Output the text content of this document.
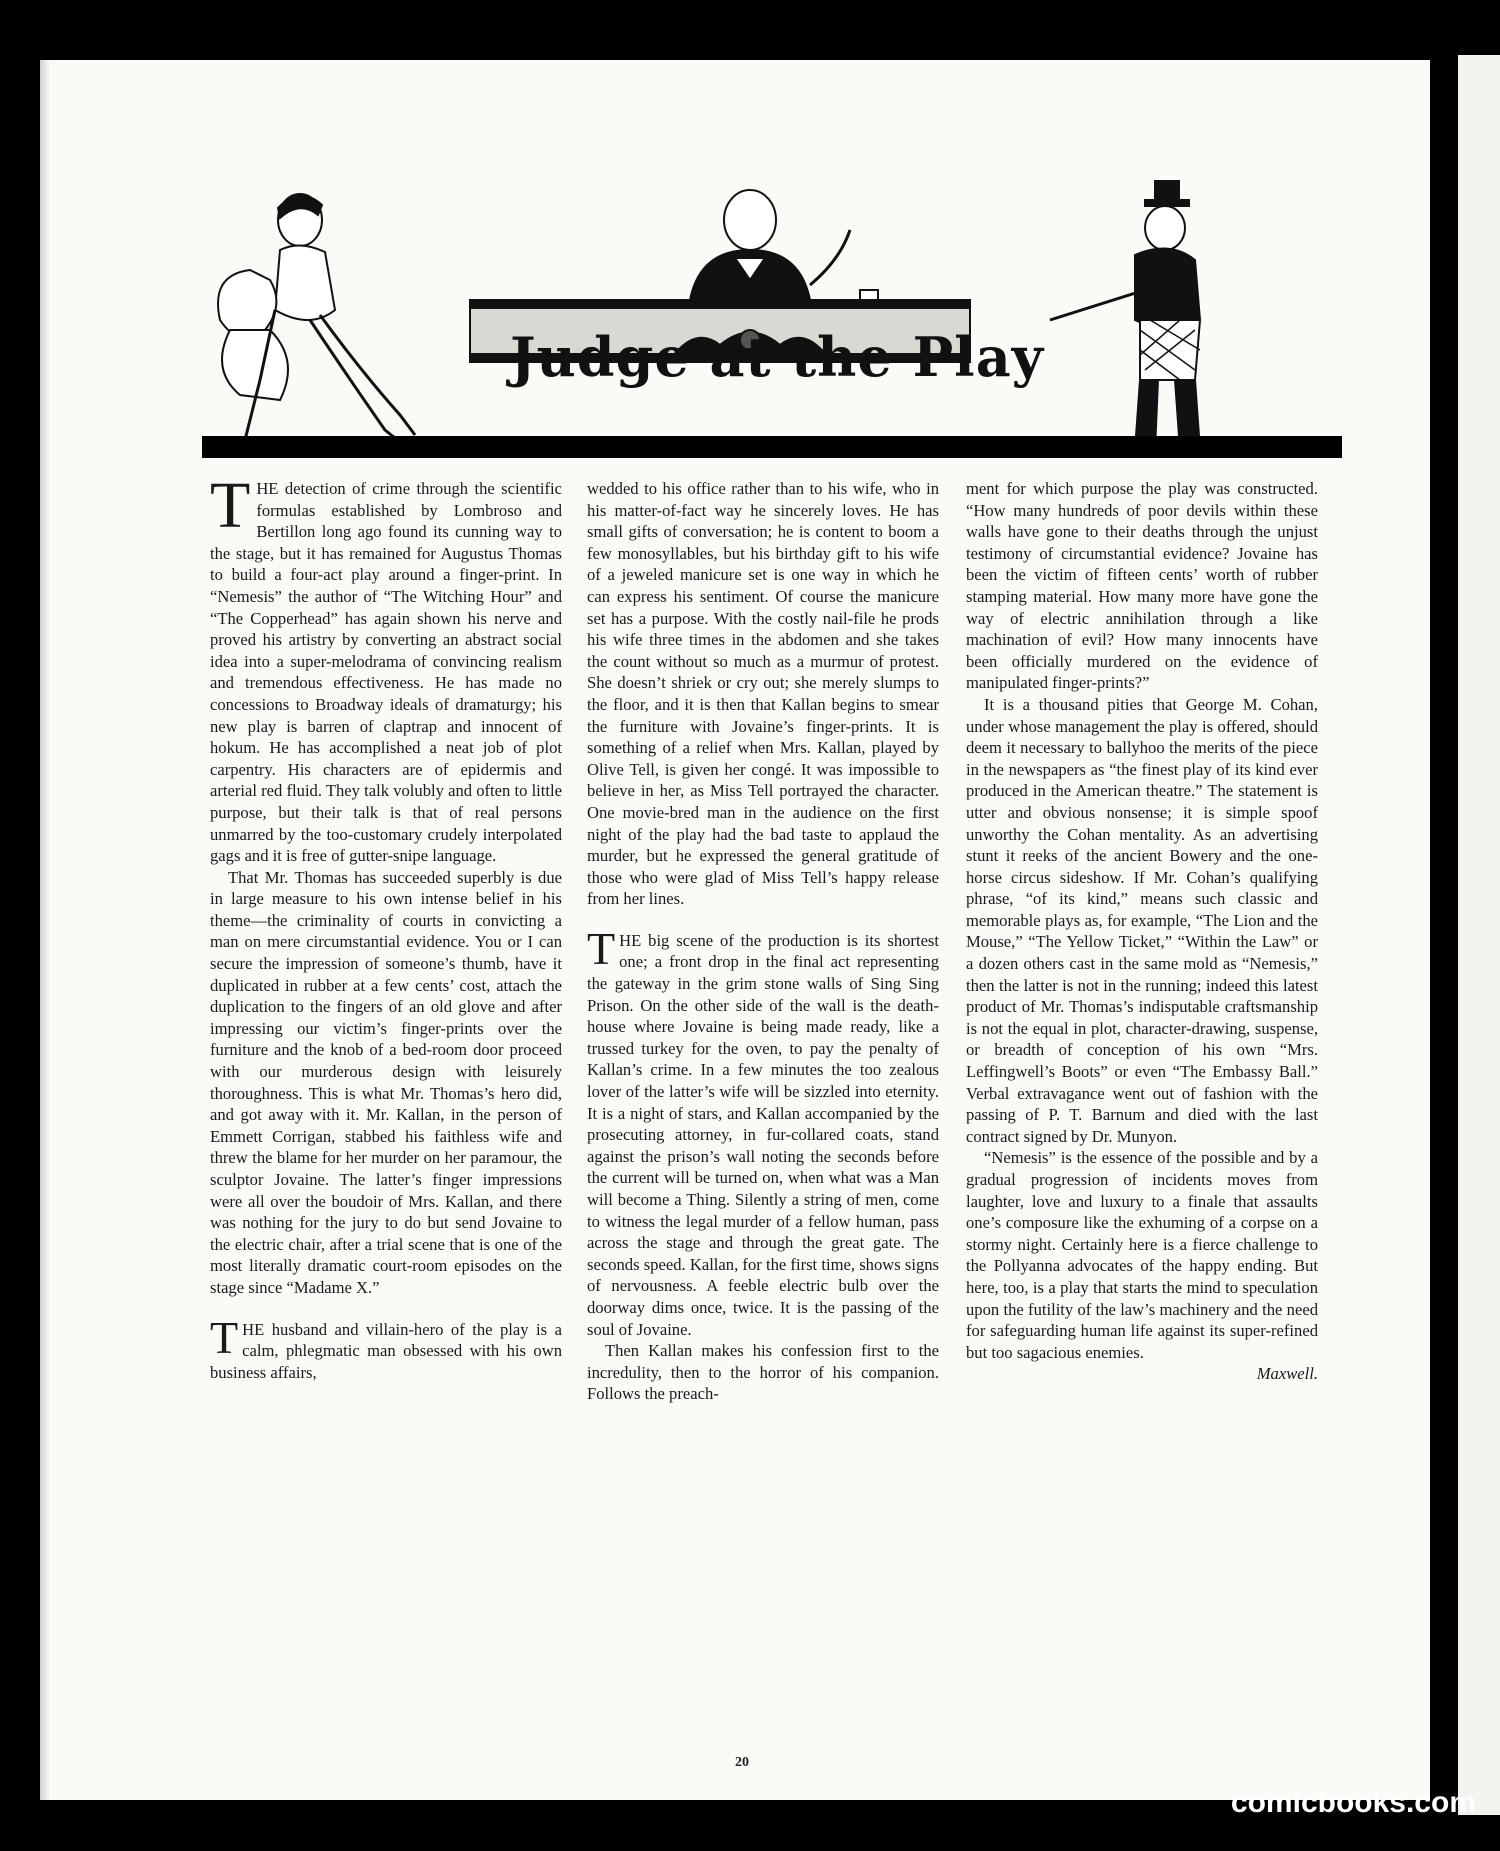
Judge at the Play

THE detection of crime through the scientific formulas established by Lombroso and Bertillon long ago found its cunning way to the stage, but it has remained for Augustus Thomas to build a four-act play around a finger-print. In “Nemesis” the author of “The Witching Hour” and “The Copperhead” has again shown his nerve and proved his artistry by converting an abstract social idea into a super-melodrama of convincing realism and tremendous effectiveness. He has made no concessions to Broadway ideals of dramaturgy; his new play is barren of claptrap and innocent of hokum. He has accomplished a neat job of plot carpentry. His characters are of epidermis and arterial red fluid. They talk volubly and often to little purpose, but their talk is that of real persons unmarred by the too-customary crudely interpolated gags and it is free of gutter-snipe language.

That Mr. Thomas has succeeded superbly is due in large measure to his own intense belief in his theme—the criminality of courts in convicting a man on mere circumstantial evidence. You or I can secure the impression of someone’s thumb, have it duplicated in rubber at a few cents’ cost, attach the duplication to the fingers of an old glove and after impressing our victim’s finger-prints over the furniture and the knob of a bed-room door proceed with our murderous design with leisurely thoroughness. This is what Mr. Thomas’s hero did, and got away with it. Mr. Kallan, in the person of Emmett Corrigan, stabbed his faithless wife and threw the blame for her murder on her paramour, the sculptor Jovaine. The latter’s finger impressions were all over the boudoir of Mrs. Kallan, and there was nothing for the jury to do but send Jovaine to the electric chair, after a trial scene that is one of the most literally dramatic court-room episodes on the stage since “Madame X.”

THE husband and villain-hero of the play is a calm, phlegmatic man obsessed with his own business affairs,

wedded to his office rather than to his wife, who in his matter-of-fact way he sincerely loves. He has small gifts of conversation; he is content to boom a few monosyllables, but his birthday gift to his wife of a jeweled manicure set is one way in which he can express his sentiment. Of course the manicure set has a purpose. With the costly nail-file he prods his wife three times in the abdomen and she takes the count without so much as a murmur of protest. She doesn’t shriek or cry out; she merely slumps to the floor, and it is then that Kallan begins to smear the furniture with Jovaine’s finger-prints. It is something of a relief when Mrs. Kallan, played by Olive Tell, is given her congé. It was impossible to believe in her, as Miss Tell portrayed the character. One movie-bred man in the audience on the first night of the play had the bad taste to applaud the murder, but he expressed the general gratitude of those who were glad of Miss Tell’s happy release from her lines.

THE big scene of the production is its shortest one; a front drop in the final act representing the gateway in the grim stone walls of Sing Sing Prison. On the other side of the wall is the death-house where Jovaine is being made ready, like a trussed turkey for the oven, to pay the penalty of Kallan’s crime. In a few minutes the too zealous lover of the latter’s wife will be sizzled into eternity. It is a night of stars, and Kallan accompanied by the prosecuting attorney, in fur-collared coats, stand against the prison’s wall noting the seconds before the current will be turned on, when what was a Man will become a Thing. Silently a string of men, come to witness the legal murder of a fellow human, pass across the stage and through the great gate. The seconds speed. Kallan, for the first time, shows signs of nervousness. A feeble electric bulb over the doorway dims once, twice. It is the passing of the soul of Jovaine.

Then Kallan makes his confession first to the incredulity, then to the horror of his companion. Follows the preach-

ment for which purpose the play was constructed. “How many hundreds of poor devils within these walls have gone to their deaths through the unjust testimony of circumstantial evidence? Jovaine has been the victim of fifteen cents’ worth of rubber stamping material. How many more have gone the way of electric annihilation through a like machination of evil? How many innocents have been officially murdered on the evidence of manipulated finger-prints?”

It is a thousand pities that George M. Cohan, under whose management the play is offered, should deem it necessary to ballyhoo the merits of the piece in the newspapers as “the finest play of its kind ever produced in the American theatre.” The statement is utter and obvious nonsense; it is simple spoof unworthy the Cohan mentality. As an advertising stunt it reeks of the ancient Bowery and the one-horse circus sideshow. If Mr. Cohan’s qualifying phrase, “of its kind,” means such classic and memorable plays as, for example, “The Lion and the Mouse,” “The Yellow Ticket,” “Within the Law” or a dozen others cast in the same mold as “Nemesis,” then the latter is not in the running; indeed this latest product of Mr. Thomas’s indisputable craftsmanship is not the equal in plot, character-drawing, suspense, or breadth of conception of his own “Mrs. Leffingwell’s Boots” or even “The Embassy Ball.” Verbal extravagance went out of fashion with the passing of P. T. Barnum and died with the last contract signed by Dr. Munyon.

“Nemesis” is the essence of the possible and by a gradual progression of incidents moves from laughter, love and luxury to a finale that assaults one’s composure like the exhuming of a corpse on a stormy night. Certainly here is a fierce challenge to the Pollyanna advocates of the happy ending. But here, too, is a play that starts the mind to speculation upon the futility of the law’s machinery and the need for safeguarding human life against its super-refined but too sagacious enemies.

Maxwell.
20
comicbooks.com
